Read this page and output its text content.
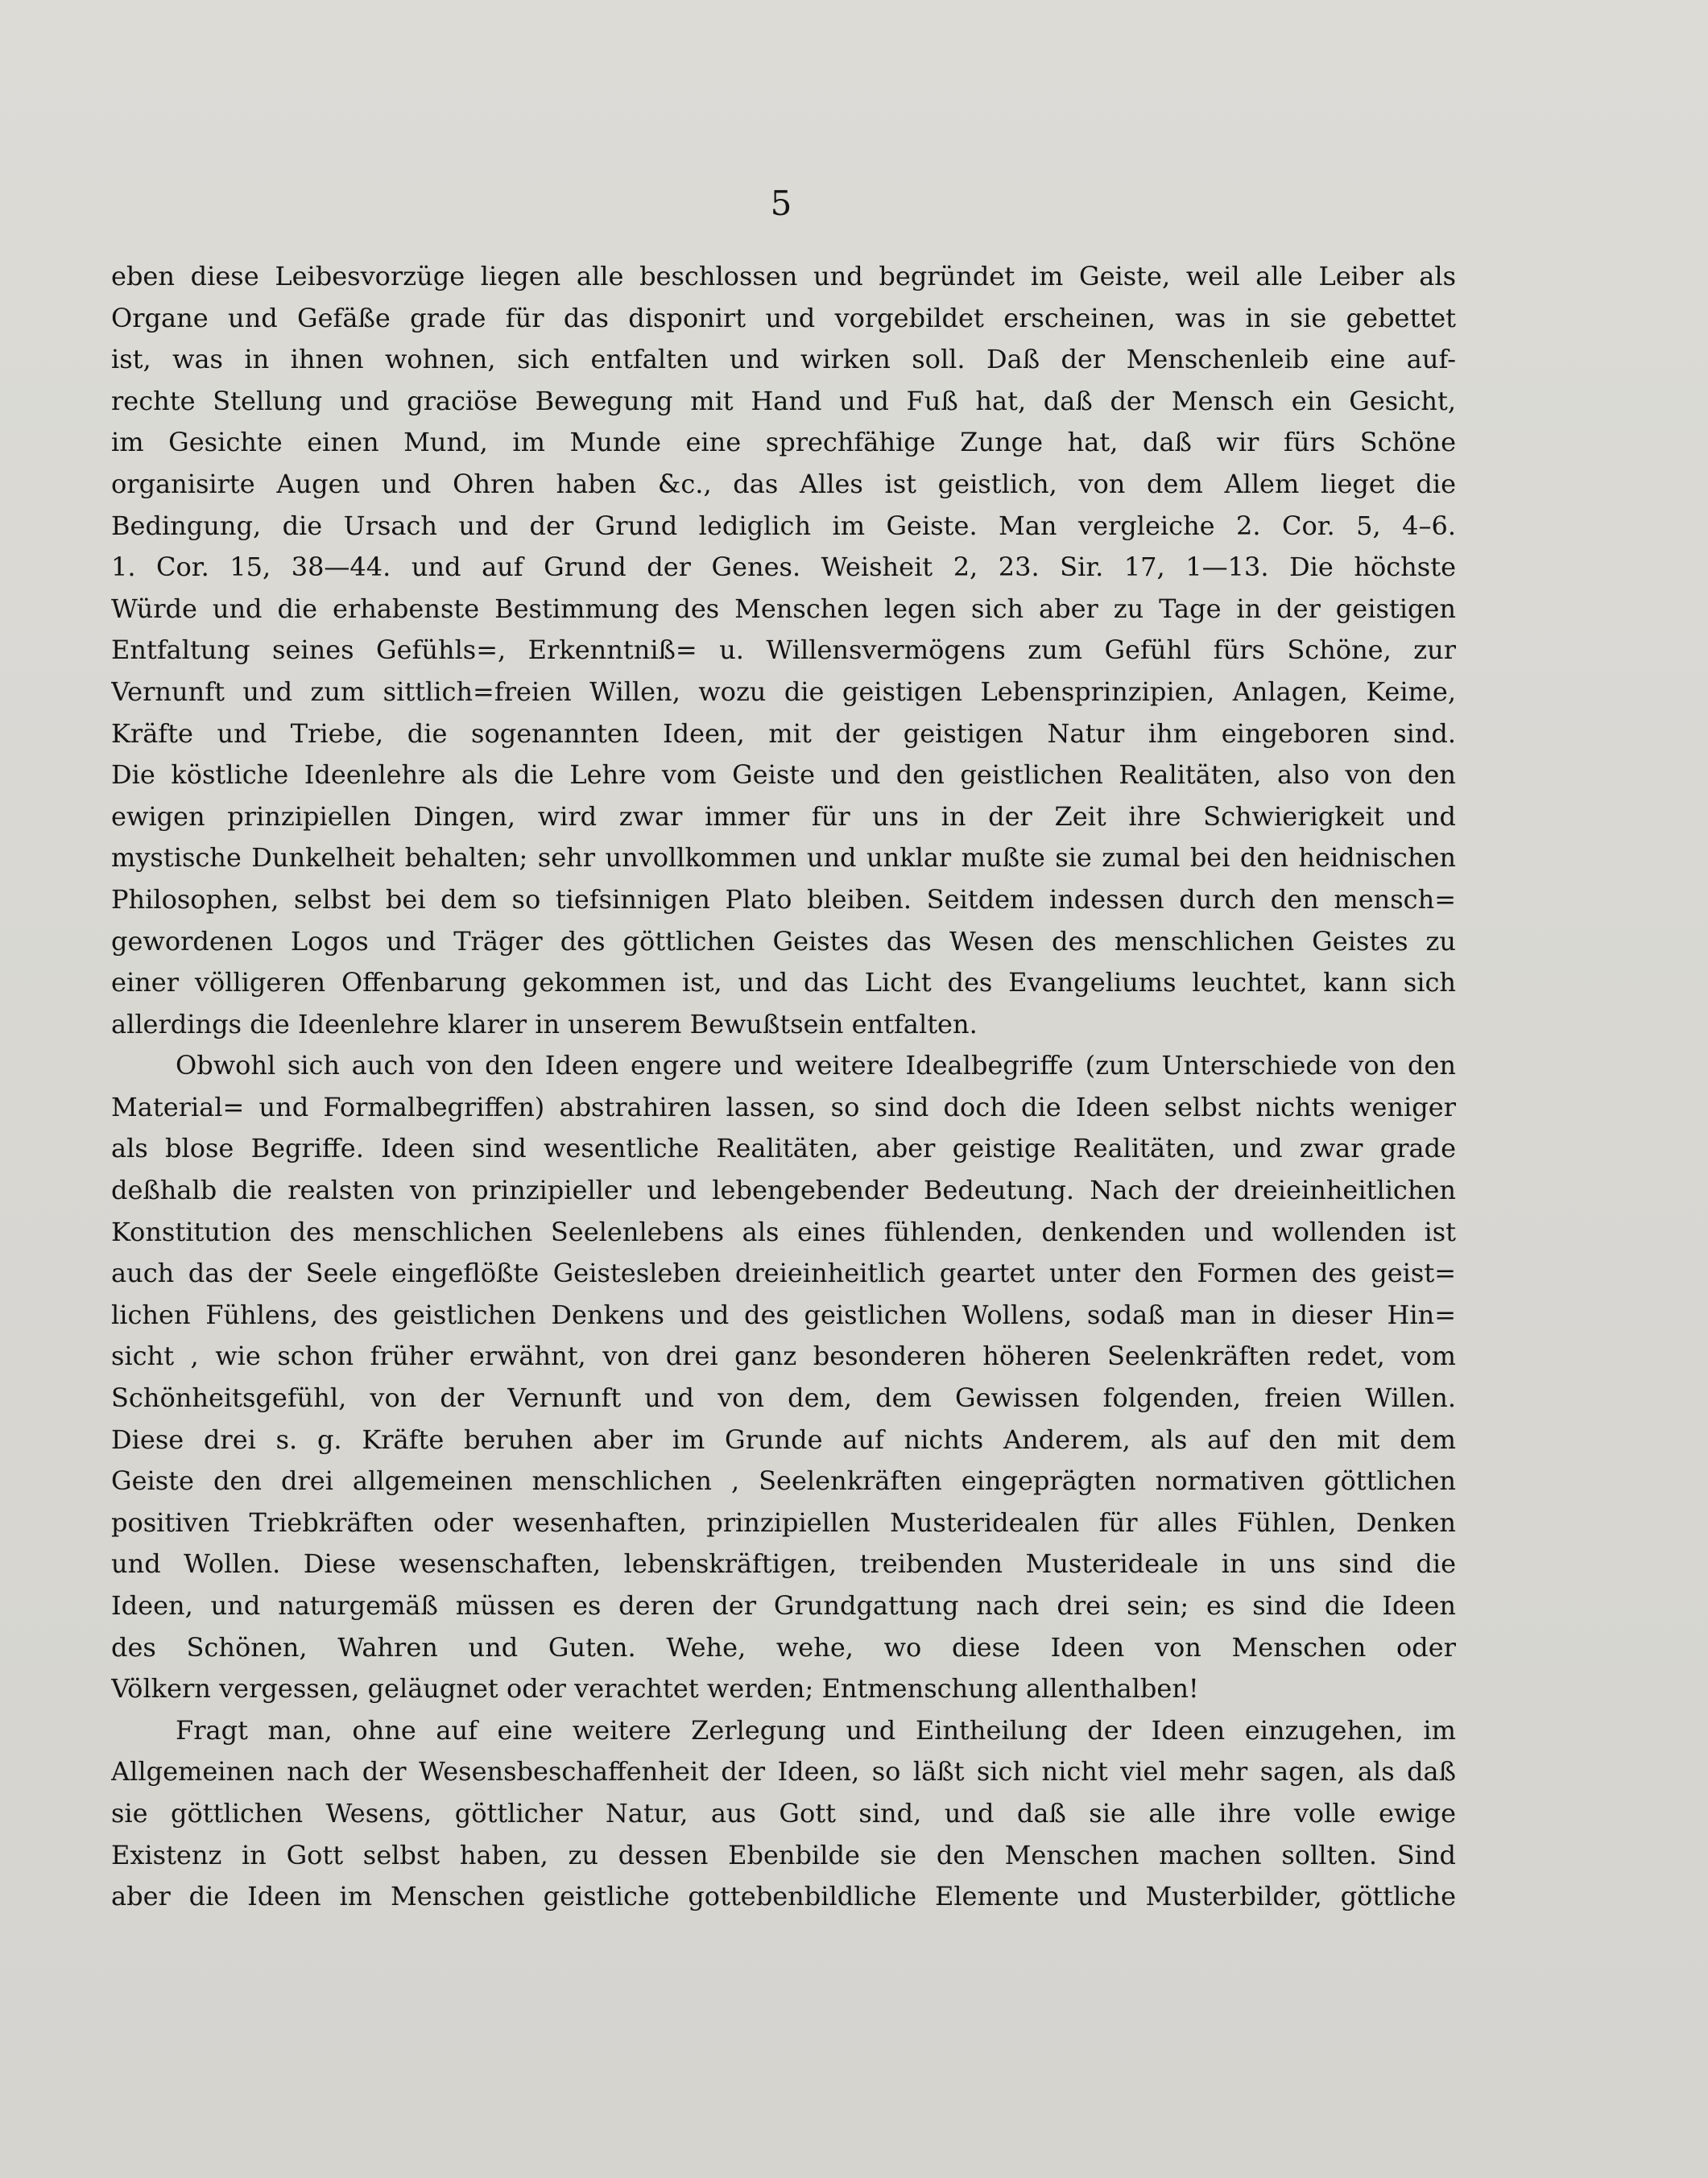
5
eben diese Leibesvorzüge liegen alle beschlossen und begründet im Geiste, weil alle Leiber als
Organe und Gefäße grade für das disponirt und vorgebildet erscheinen, was in sie gebettet
ist, was in ihnen wohnen, sich entfalten und wirken soll. Daß der Menschenleib eine auf-
rechte Stellung und graciöse Bewegung mit Hand und Fuß hat, daß der Mensch ein Gesicht,
im Gesichte einen Mund, im Munde eine sprechfähige Zunge hat, daß wir fürs Schöne
organisirte Augen und Ohren haben &c., das Alles ist geistlich, von dem Allem lieget die
Bedingung, die Ursach und der Grund lediglich im Geiste. Man vergleiche 2. Cor. 5, 4–6.
1. Cor. 15, 38—44. und auf Grund der Genes. Weisheit 2, 23. Sir. 17, 1—13. Die höchste
Würde und die erhabenste Bestimmung des Menschen legen sich aber zu Tage in der geistigen
Entfaltung seines Gefühls=, Erkenntniß= u. Willensvermögens zum Gefühl fürs Schöne, zur
Vernunft und zum sittlich=freien Willen, wozu die geistigen Lebensprinzipien, Anlagen, Keime,
Kräfte und Triebe, die sogenannten Ideen, mit der geistigen Natur ihm eingeboren sind.
Die köstliche Ideenlehre als die Lehre vom Geiste und den geistlichen Realitäten, also von den
ewigen prinzipiellen Dingen, wird zwar immer für uns in der Zeit ihre Schwierigkeit und
mystische Dunkelheit behalten; sehr unvollkommen und unklar mußte sie zumal bei den heidnischen
Philosophen, selbst bei dem so tiefsinnigen Plato bleiben. Seitdem indessen durch den mensch=
gewordenen Logos und Träger des göttlichen Geistes das Wesen des menschlichen Geistes zu
einer völligeren Offenbarung gekommen ist, und das Licht des Evangeliums leuchtet, kann sich
allerdings die Ideenlehre klarer in unserem Bewußtsein entfalten.
Obwohl sich auch von den Ideen engere und weitere Idealbegriffe (zum Unterschiede von den
Material= und Formalbegriffen) abstrahiren lassen, so sind doch die Ideen selbst nichts weniger
als blose Begriffe. Ideen sind wesentliche Realitäten, aber geistige Realitäten, und zwar grade
deßhalb die realsten von prinzipieller und lebengebender Bedeutung. Nach der dreieinheitlichen
Konstitution des menschlichen Seelenlebens als eines fühlenden, denkenden und wollenden ist
auch das der Seele eingeflößte Geistesleben dreieinheitlich geartet unter den Formen des geist=
lichen Fühlens, des geistlichen Denkens und des geistlichen Wollens, sodaß man in dieser Hin=
sicht , wie schon früher erwähnt, von drei ganz besonderen höheren Seelenkräften redet, vom
Schönheitsgefühl, von der Vernunft und von dem, dem Gewissen folgenden, freien Willen.
Diese drei s. g. Kräfte beruhen aber im Grunde auf nichts Anderem, als auf den mit dem
Geiste den drei allgemeinen menschlichen , Seelenkräften eingeprägten normativen göttlichen
positiven Triebkräften oder wesenhaften, prinzipiellen Musteridealen für alles Fühlen, Denken
und Wollen. Diese wesenschaften, lebenskräftigen, treibenden Musterideale in uns sind die
Ideen, und naturgemäß müssen es deren der Grundgattung nach drei sein; es sind die Ideen
des Schönen, Wahren und Guten. Wehe, wehe, wo diese Ideen von Menschen oder
Völkern vergessen, geläugnet oder verachtet werden; Entmenschung allenthalben!
Fragt man, ohne auf eine weitere Zerlegung und Eintheilung der Ideen einzugehen, im
Allgemeinen nach der Wesensbeschaffenheit der Ideen, so läßt sich nicht viel mehr sagen, als daß
sie göttlichen Wesens, göttlicher Natur, aus Gott sind, und daß sie alle ihre volle ewige
Existenz in Gott selbst haben, zu dessen Ebenbilde sie den Menschen machen sollten. Sind
aber die Ideen im Menschen geistliche gottebenbildliche Elemente und Musterbilder, göttliche
